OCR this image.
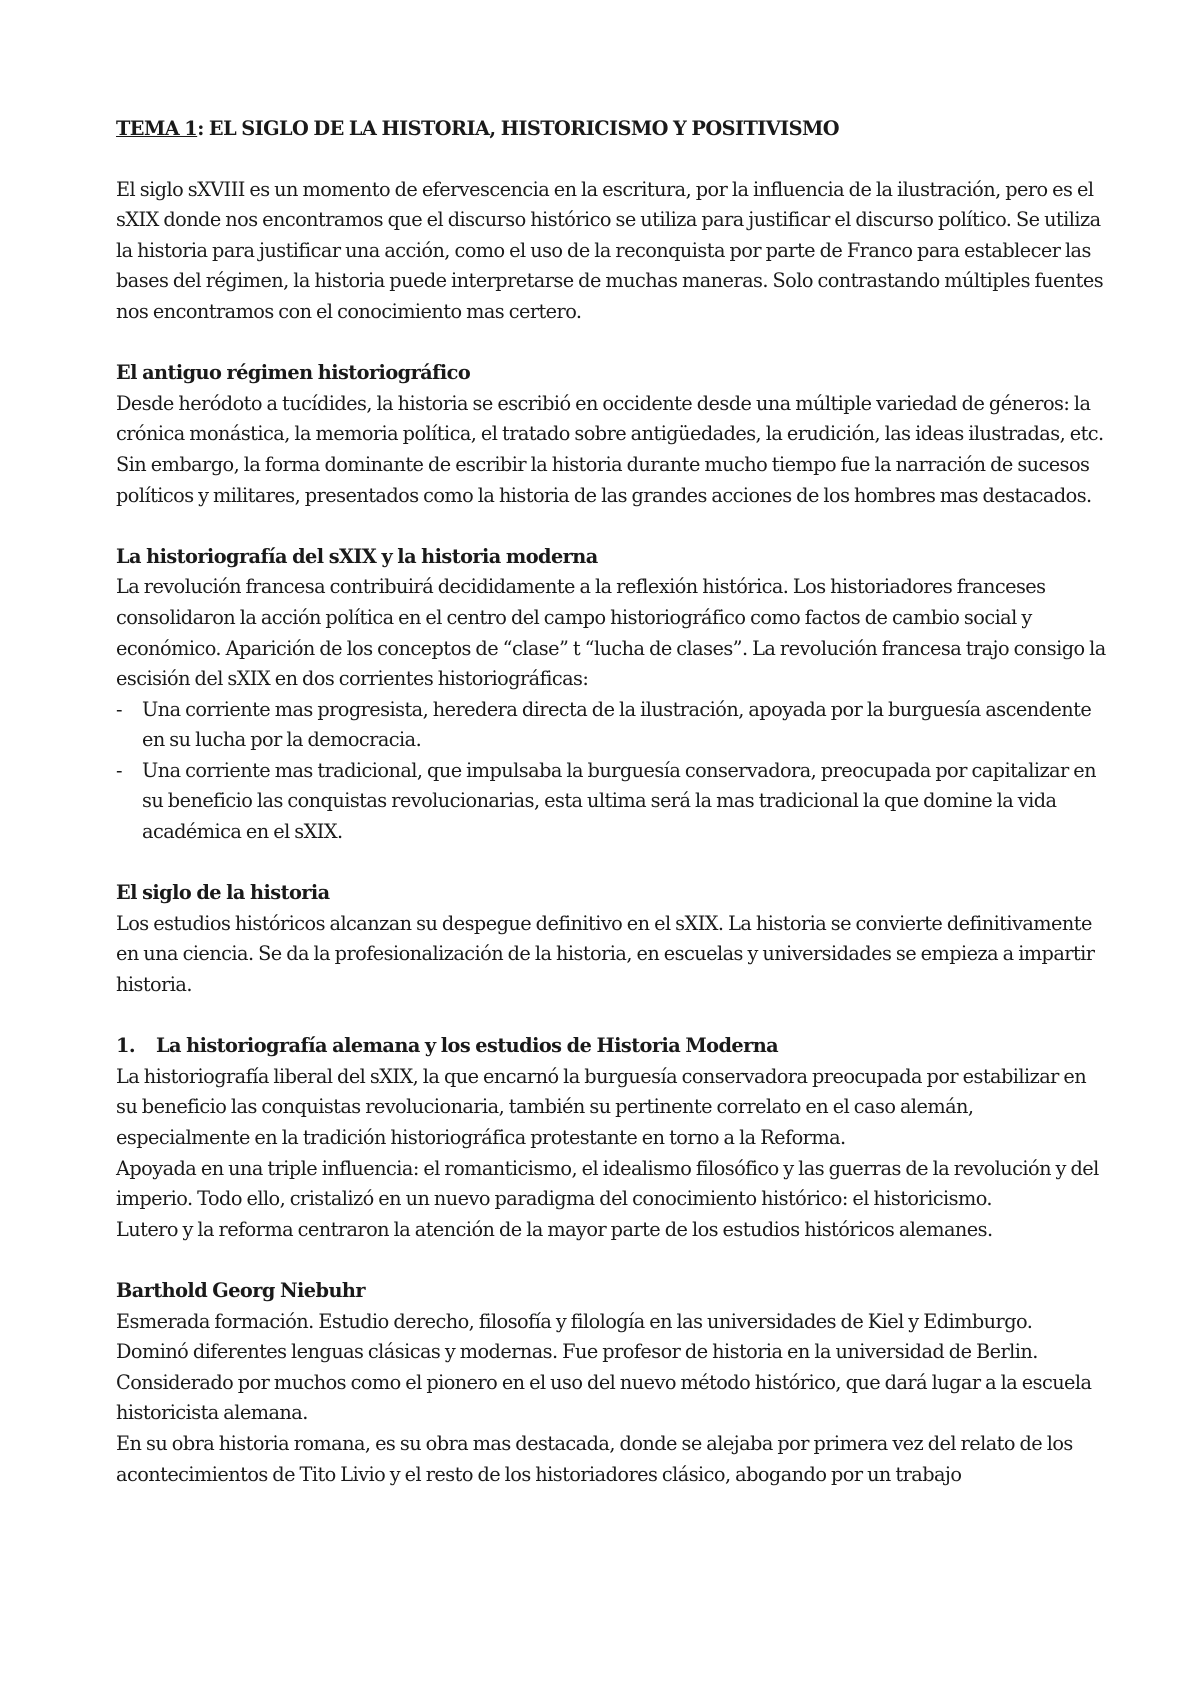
TEMA 1: EL SIGLO DE LA HISTORIA, HISTORICISMO Y POSITIVISMO

El siglo sXVIII es un momento de efervescencia en la escritura, por la influencia de la ilustración, pero es el sXIX donde nos encontramos que el discurso histórico se utiliza para justificar el discurso político. Se utiliza la historia para justificar una acción, como el uso de la reconquista por parte de Franco para establecer las bases del régimen, la historia puede interpretarse de muchas maneras. Solo contrastando múltiples fuentes nos encontramos con el conocimiento mas certero.

El antiguo régimen historiográfico

Desde heródoto a tucídides, la historia se escribió en occidente desde una múltiple variedad de géneros: la crónica monástica, la memoria política, el tratado sobre antigüedades, la erudición, las ideas ilustradas, etc.

Sin embargo, la forma dominante de escribir la historia durante mucho tiempo fue la narración de sucesos políticos y militares, presentados como la historia de las grandes acciones de los hombres mas destacados.

La historiografía del sXIX y la historia moderna

La revolución francesa contribuirá decididamente a la reflexión histórica. Los historiadores franceses consolidaron la acción política en el centro del campo historiográfico como factos de cambio social y económico. Aparición de los conceptos de “clase” t “lucha de clases”. La revolución francesa trajo consigo la escisión del sXIX en dos corrientes historiográficas:

- Una corriente mas progresista, heredera directa de la ilustración, apoyada por la burguesía ascendente en su lucha por la democracia.
- Una corriente mas tradicional, que impulsaba la burguesía conservadora, preocupada por capitalizar en su beneficio las conquistas revolucionarias, esta ultima será la mas tradicional la que domine la vida académica en el sXIX.

El siglo de la historia

Los estudios históricos alcanzan su despegue definitivo en el sXIX. La historia se convierte definitivamente en una ciencia. Se da la profesionalización de la historia, en escuelas y universidades se empieza a impartir historia.

1. La historiografía alemana y los estudios de Historia Moderna

La historiografía liberal del sXIX, la que encarnó la burguesía conservadora preocupada por estabilizar en su beneficio las conquistas revolucionaria, también su pertinente correlato en el caso alemán, especialmente en la tradición historiográfica protestante en torno a la Reforma.

Apoyada en una triple influencia: el romanticismo, el idealismo filosófico y las guerras de la revolución y del imperio. Todo ello, cristalizó en un nuevo paradigma del conocimiento histórico: el historicismo.

Lutero y la reforma centraron la atención de la mayor parte de los estudios históricos alemanes.

Barthold Georg Niebuhr

Esmerada formación. Estudio derecho, filosofía y filología en las universidades de Kiel y Edimburgo. Dominó diferentes lenguas clásicas y modernas. Fue profesor de historia en la universidad de Berlin. Considerado por muchos como el pionero en el uso del nuevo método histórico, que dará lugar a la escuela historicista alemana.

En su obra historia romana, es su obra mas destacada, donde se alejaba por primera vez del relato de los acontecimientos de Tito Livio y el resto de los historiadores clásico, abogando por un trabajo
